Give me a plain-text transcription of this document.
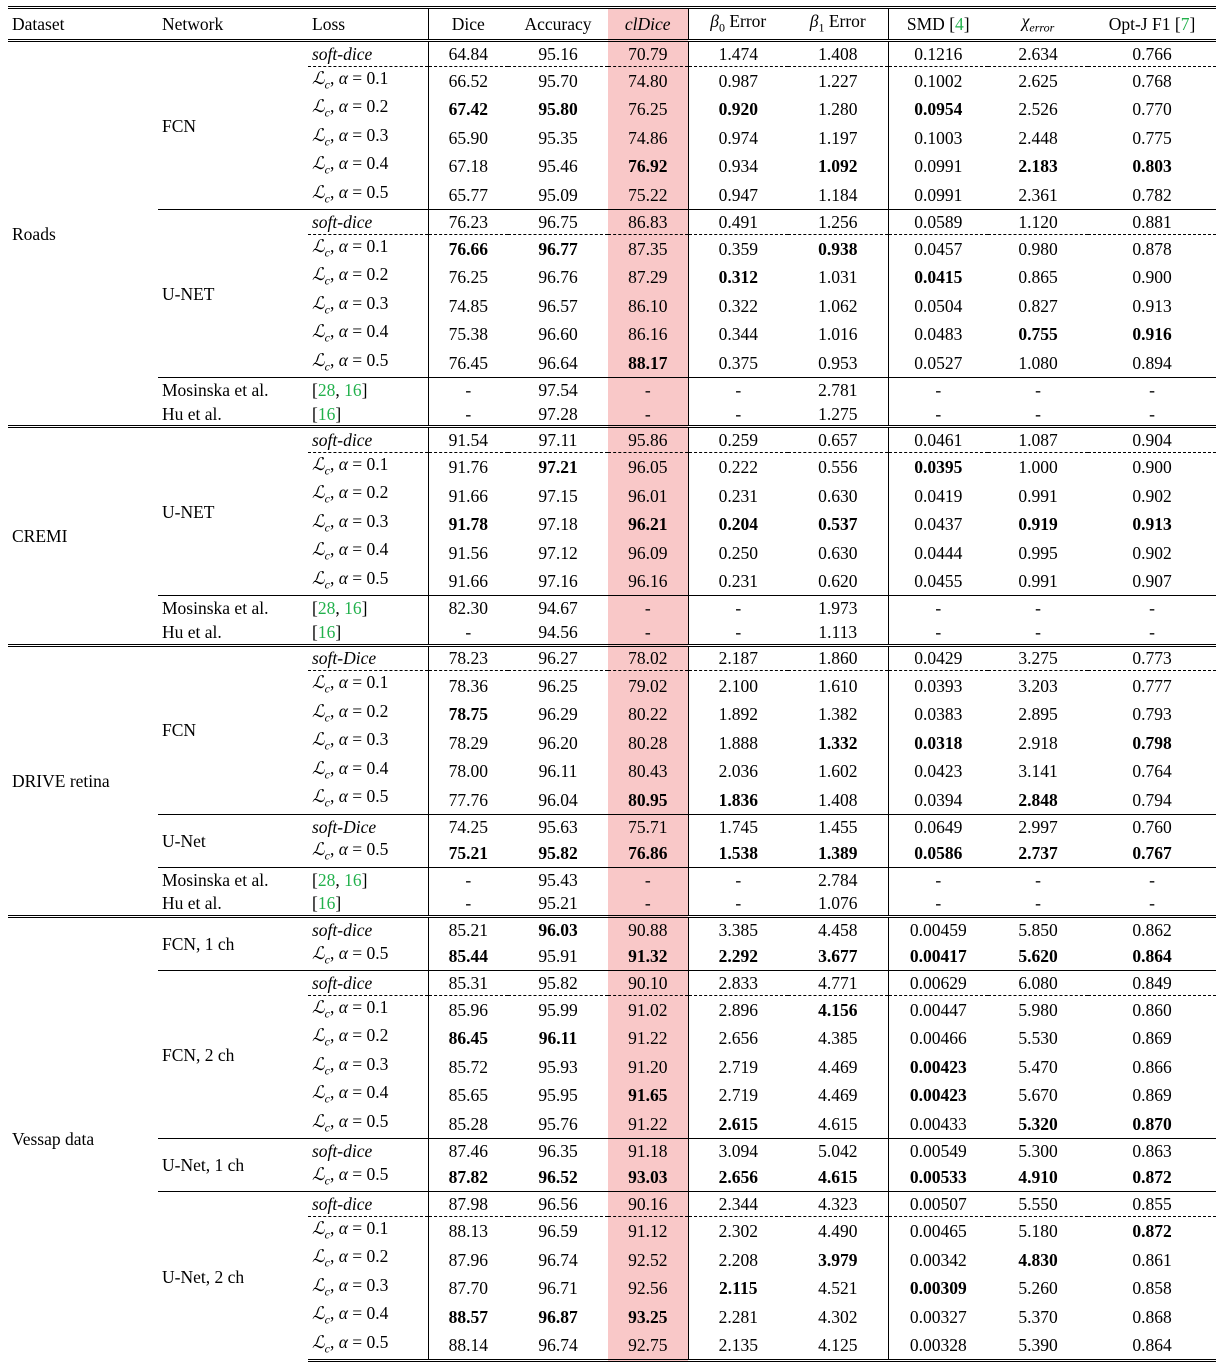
Dataset	Network	Loss	Dice	Accuracy	clDice	$\beta_0$ Error	$\beta_1$ Error	SMD [4]	$\chi_{error}$	Opt-J F1 [7]
Roads	FCN	soft-dice	64.84	95.16	70.79	1.474	1.408	0.1216	2.634	0.766
		ℒ$_c$, α = 0.1	66.52	95.70	74.80	0.987	1.227	0.1002	2.625	0.768
		ℒ$_c$, α = 0.2	67.42	95.80	76.25	0.920	1.280	0.0954	2.526	0.770
		ℒ$_c$, α = 0.3	65.90	95.35	74.86	0.974	1.197	0.1003	2.448	0.775
		ℒ$_c$, α = 0.4	67.18	95.46	76.92	0.934	1.092	0.0991	2.183	0.803
		ℒ$_c$, α = 0.5	65.77	95.09	75.22	0.947	1.184	0.0991	2.361	0.782
	U-NET	soft-dice	76.23	96.75	86.83	0.491	1.256	0.0589	1.120	0.881
		ℒ$_c$, α = 0.1	76.66	96.77	87.35	0.359	0.938	0.0457	0.980	0.878
		ℒ$_c$, α = 0.2	76.25	96.76	87.29	0.312	1.031	0.0415	0.865	0.900
		ℒ$_c$, α = 0.3	74.85	96.57	86.10	0.322	1.062	0.0504	0.827	0.913
		ℒ$_c$, α = 0.4	75.38	96.60	86.16	0.344	1.016	0.0483	0.755	0.916
		ℒ$_c$, α = 0.5	76.45	96.64	88.17	0.375	0.953	0.0527	1.080	0.894
	Mosinska et al.	[28, 16]	-	97.54	-	-	2.781	-	-	-
	Hu et al.	[16]	-	97.28	-	-	1.275	-	-	-
CREMI	U-NET	soft-dice	91.54	97.11	95.86	0.259	0.657	0.0461	1.087	0.904
		ℒ$_c$, α = 0.1	91.76	97.21	96.05	0.222	0.556	0.0395	1.000	0.900
		ℒ$_c$, α = 0.2	91.66	97.15	96.01	0.231	0.630	0.0419	0.991	0.902
		ℒ$_c$, α = 0.3	91.78	97.18	96.21	0.204	0.537	0.0437	0.919	0.913
		ℒ$_c$, α = 0.4	91.56	97.12	96.09	0.250	0.630	0.0444	0.995	0.902
		ℒ$_c$, α = 0.5	91.66	97.16	96.16	0.231	0.620	0.0455	0.991	0.907
	Mosinska et al.	[28, 16]	82.30	94.67	-	-	1.973	-	-	-
	Hu et al.	[16]	-	94.56	-	-	1.113	-	-	-
DRIVE retina	FCN	soft-Dice	78.23	96.27	78.02	2.187	1.860	0.0429	3.275	0.773
		ℒ$_c$, α = 0.1	78.36	96.25	79.02	2.100	1.610	0.0393	3.203	0.777
		ℒ$_c$, α = 0.2	78.75	96.29	80.22	1.892	1.382	0.0383	2.895	0.793
		ℒ$_c$, α = 0.3	78.29	96.20	80.28	1.888	1.332	0.0318	2.918	0.798
		ℒ$_c$, α = 0.4	78.00	96.11	80.43	2.036	1.602	0.0423	3.141	0.764
		ℒ$_c$, α = 0.5	77.76	96.04	80.95	1.836	1.408	0.0394	2.848	0.794
	U-Net	soft-Dice	74.25	95.63	75.71	1.745	1.455	0.0649	2.997	0.760
		ℒ$_c$, α = 0.5	75.21	95.82	76.86	1.538	1.389	0.0586	2.737	0.767
	Mosinska et al.	[28, 16]	-	95.43	-	-	2.784	-	-	-
	Hu et al.	[16]	-	95.21	-	-	1.076	-	-	-
Vessap data	FCN, 1 ch	soft-dice	85.21	96.03	90.88	3.385	4.458	0.00459	5.850	0.862
		ℒ$_c$, α = 0.5	85.44	95.91	91.32	2.292	3.677	0.00417	5.620	0.864
	FCN, 2 ch	soft-dice	85.31	95.82	90.10	2.833	4.771	0.00629	6.080	0.849
		ℒ$_c$, α = 0.1	85.96	95.99	91.02	2.896	4.156	0.00447	5.980	0.860
		ℒ$_c$, α = 0.2	86.45	96.11	91.22	2.656	4.385	0.00466	5.530	0.869
		ℒ$_c$, α = 0.3	85.72	95.93	91.20	2.719	4.469	0.00423	5.470	0.866
		ℒ$_c$, α = 0.4	85.65	95.95	91.65	2.719	4.469	0.00423	5.670	0.869
		ℒ$_c$, α = 0.5	85.28	95.76	91.22	2.615	4.615	0.00433	5.320	0.870
	U-Net, 1 ch	soft-dice	87.46	96.35	91.18	3.094	5.042	0.00549	5.300	0.863
		ℒ$_c$, α = 0.5	87.82	96.52	93.03	2.656	4.615	0.00533	4.910	0.872
	U-Net, 2 ch	soft-dice	87.98	96.56	90.16	2.344	4.323	0.00507	5.550	0.855
		ℒ$_c$, α = 0.1	88.13	96.59	91.12	2.302	4.490	0.00465	5.180	0.872
		ℒ$_c$, α = 0.2	87.96	96.74	92.52	2.208	3.979	0.00342	4.830	0.861
		ℒ$_c$, α = 0.3	87.70	96.71	92.56	2.115	4.521	0.00309	5.260	0.858
		ℒ$_c$, α = 0.4	88.57	96.87	93.25	2.281	4.302	0.00327	5.370	0.868
		ℒ$_c$, α = 0.5	88.14	96.74	92.75	2.135	4.125	0.00328	5.390	0.864
